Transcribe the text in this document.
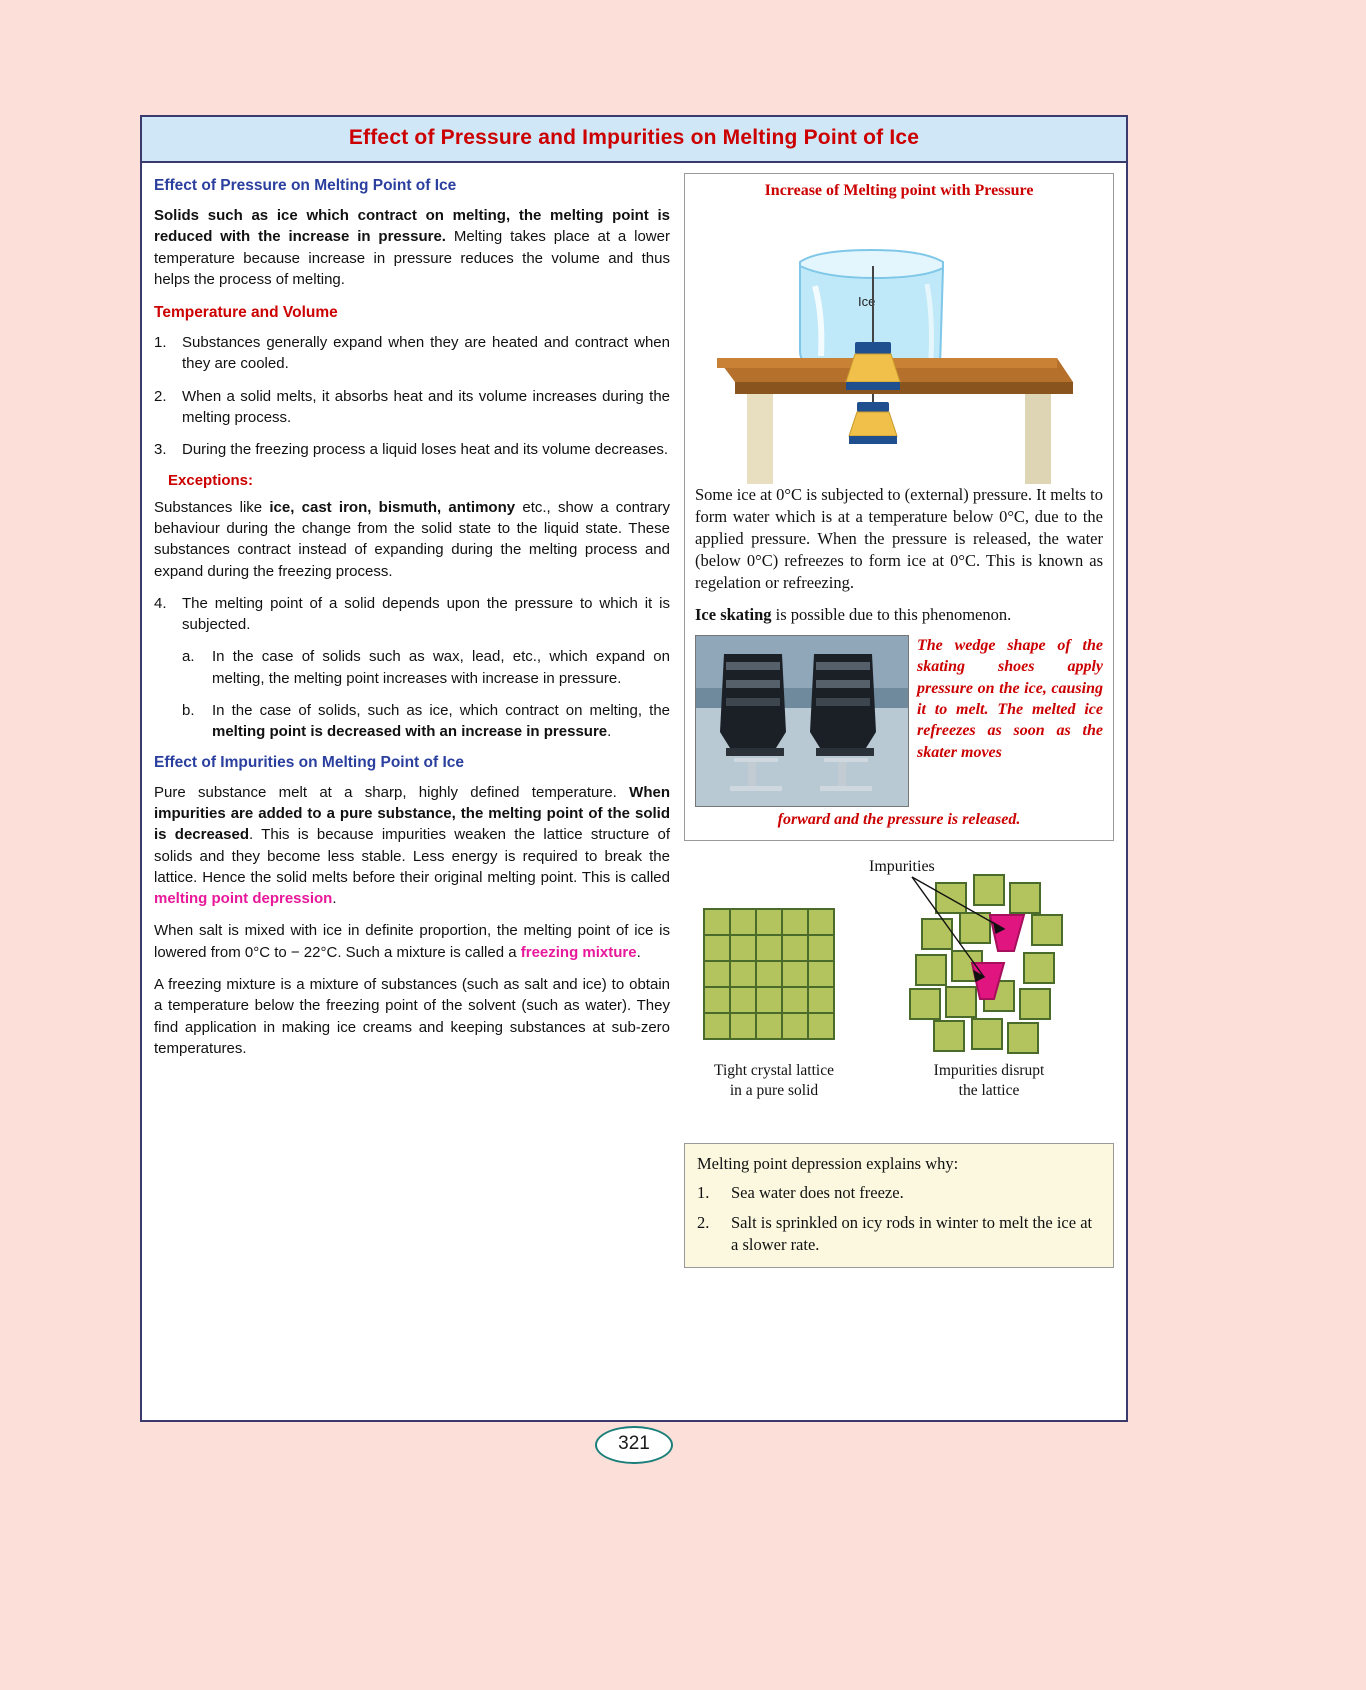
Effect of Pressure and Impurities on Melting Point of Ice
Effect of Pressure on Melting Point of Ice

Solids such as ice which contract on melting, the melting point is reduced with the increase in pressure. Melting takes place at a lower temperature because increase in pressure reduces the volume and thus helps the process of melting.

Temperature and Volume
1.	Substances generally expand when they are heated and contract when they are cooled.
2.	When a solid melts, it absorbs heat and its volume increases during the melting process.
3.	During the freezing process a liquid loses heat and its volume decreases.
Exceptions:

Substances like ice, cast iron, bismuth, antimony etc., show a contrary behaviour during the change from the solid state to the liquid state. These substances contract instead of expanding during the melting process and expand during the freezing process.

4.	The melting point of a solid depends upon the pressure to which it is subjected.
a.	In the case of solids such as wax, lead, etc., which expand on melting, the melting point increases with increase in pressure.
b.	In the case of solids, such as ice, which contract on melting, the melting point is decreased with an increase in pressure.
Effect of Impurities on Melting Point of Ice

Pure substance melt at a sharp, highly defined temperature. When impurities are added to a pure substance, the melting point of the solid is decreased. This is because impurities weaken the lattice structure of solids and they become less stable. Less energy is required to break the lattice. Hence the solid melts before their original melting point. This is called melting point depression.

When salt is mixed with ice in definite proportion, the melting point of ice is lowered from 0°C to − 22°C. Such a mixture is called a freezing mixture.

A freezing mixture is a mixture of substances (such as salt and ice) to obtain a temperature below the freezing point of the solvent (such as water). They find application in making ice creams and keeping substances at sub-zero temperatures.

Increase of Melting point with Pressure
Ice

Some ice at 0°C is subjected to (external) pressure. It melts to form water which is at a temperature below 0°C, due to the applied pressure. When the pressure is released, the water (below 0°C) refreezes to form ice at 0°C. This is known as regelation or refreezing.

Ice skating is possible due to this phenomenon.

The wedge shape of the skating shoes apply pressure on the ice, causing it to melt. The melted ice refreezes as soon as the skater moves
forward and the pressure is released.
Impurities
Tight crystal lattice
in a pure solid
Impurities disrupt
the lattice
Melting point depression explains why:
1.	Sea water does not freeze.
2.	Salt is sprinkled on icy rods in winter to melt the ice at a slower rate.
321
